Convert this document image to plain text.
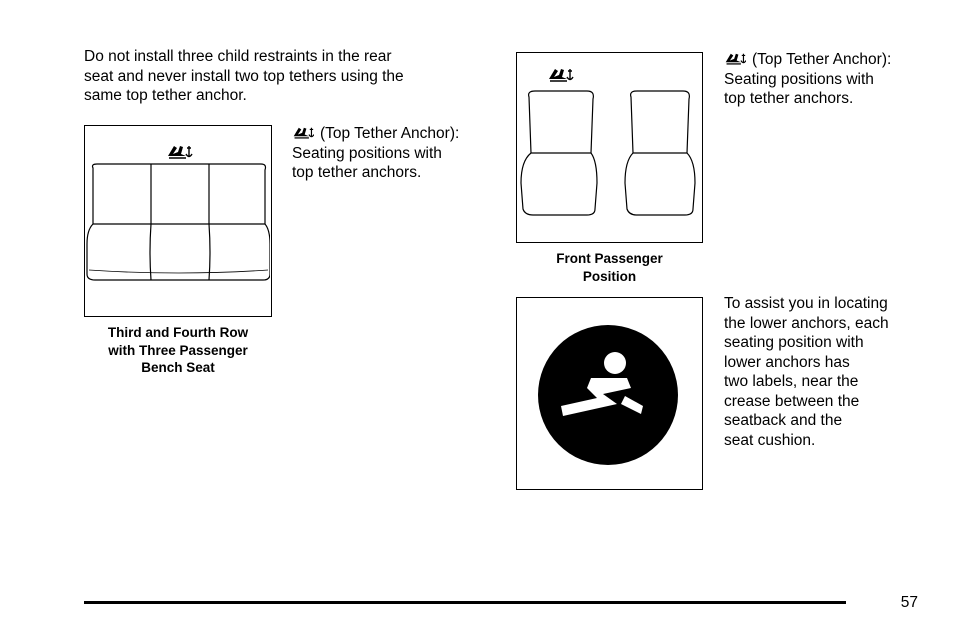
Do not install three child restraints in the rear
seat and never install two top tethers using the
same top tether anchor.
Third and Fourth Row
with Three Passenger
Bench Seat
(Top Tether Anchor):
Seating positions with
top tether anchors.
Front Passenger
Position
(Top Tether Anchor):
Seating positions with
top tether anchors.
To assist you in locating
the lower anchors, each
seating position with
lower anchors has
two labels, near the
crease between the
seatback and the
seat cushion.
57
